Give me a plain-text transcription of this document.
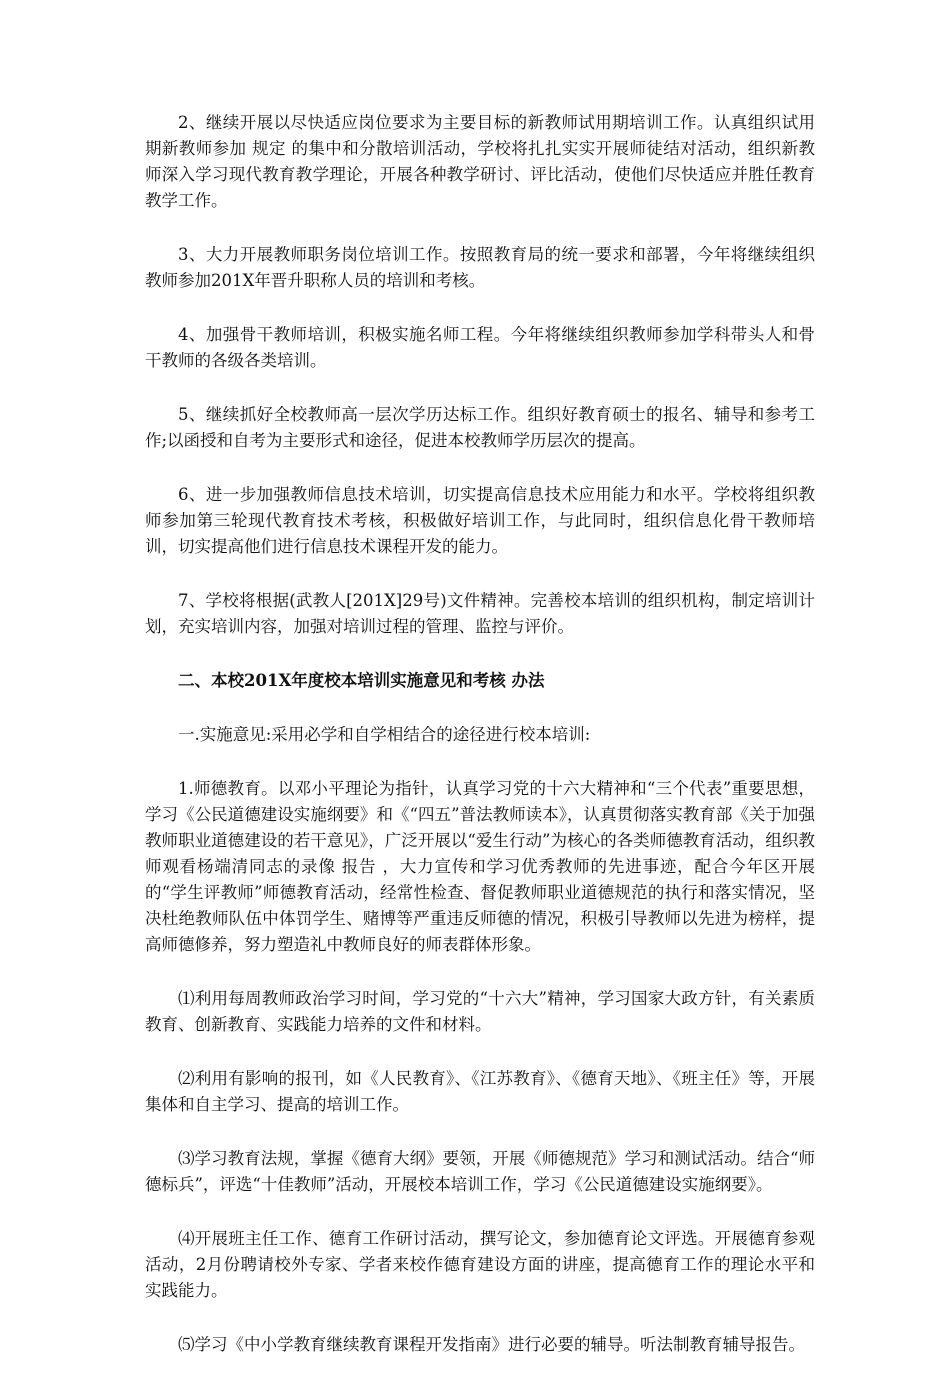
2、继续开展以尽快适应岗位要求为主要目标的新教师试用期培训工作。认真组织试用期新教师参加 规定 的集中和分散培训活动，学校将扎扎实实开展师徒结对活动，组织新教师深入学习现代教育教学理论，开展各种教学研讨、评比活动，使他们尽快适应并胜任教育教学工作。

3、大力开展教师职务岗位培训工作。按照教育局的统一要求和部署，今年将继续组织教师参加201X年晋升职称人员的培训和考核。

4、加强骨干教师培训，积极实施名师工程。今年将继续组织教师参加学科带头人和骨干教师的各级各类培训。

5、继续抓好全校教师高一层次学历达标工作。组织好教育硕士的报名、辅导和参考工作;以函授和自考为主要形式和途径，促进本校教师学历层次的提高。

6、进一步加强教师信息技术培训，切实提高信息技术应用能力和水平。学校将组织教师参加第三轮现代教育技术考核，积极做好培训工作，与此同时，组织信息化骨干教师培训，切实提高他们进行信息技术课程开发的能力。

7、学校将根据(武教人[201X]29号)文件精神。完善校本培训的组织机构，制定培训计划，充实培训内容，加强对培训过程的管理、监控与评价。

二、本校201X年度校本培训实施意见和考核 办法

一.实施意见:采用必学和自学相结合的途径进行校本培训:

1.师德教育。以邓小平理论为指针，认真学习党的十六大精神和“三个代表”重要思想，学习《公民道德建设实施纲要》和《“四五”普法教师读本》，认真贯彻落实教育部《关于加强教师职业道德建设的若干意见》，广泛开展以“爱生行动”为核心的各类师德教育活动，组织教师观看杨端清同志的录像 报告 ，大力宣传和学习优秀教师的先进事迹，配合今年区开展的“学生评教师”师德教育活动，经常性检查、督促教师职业道德规范的执行和落实情况，坚决杜绝教师队伍中体罚学生、赌博等严重违反师德的情况，积极引导教师以先进为榜样，提高师德修养，努力塑造礼中教师良好的师表群体形象。

⑴利用每周教师政治学习时间，学习党的“十六大”精神，学习国家大政方针，有关素质教育、创新教育、实践能力培养的文件和材料。

⑵利用有影响的报刊，如《人民教育》、《江苏教育》、《德育天地》、《班主任》等，开展集体和自主学习、提高的培训工作。

⑶学习教育法规，掌握《德育大纲》要领，开展《师德规范》学习和测试活动。结合“师德标兵”，评选“十佳教师”活动，开展校本培训工作，学习《公民道德建设实施纲要》。

⑷开展班主任工作、德育工作研讨活动，撰写论文，参加德育论文评选。开展德育参观活动，2月份聘请校外专家、学者来校作德育建设方面的讲座，提高德育工作的理论水平和实践能力。

⑸学习《中小学教育继续教育课程开发指南》进行必要的辅导。听法制教育辅导报告。
